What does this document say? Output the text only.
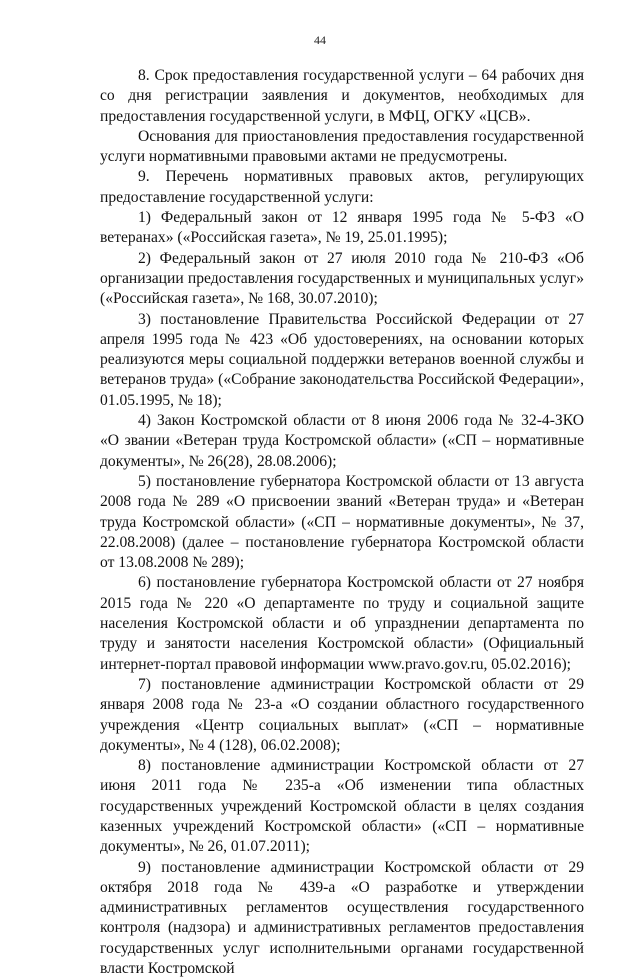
44

8. Срок предоставления государственной услуги – 64 рабочих дня со дня регистрации заявления и документов, необходимых для предоставления государственной услуги, в МФЦ, ОГКУ «ЦСВ».

Основания для приостановления предоставления государственной услуги нормативными правовыми актами не предусмотрены.

9. Перечень нормативных правовых актов, регулирующих предоставление государственной услуги:

1) Федеральный закон от 12 января 1995 года № 5-ФЗ «О ветеранах» («Российская газета», № 19, 25.01.1995);

2) Федеральный закон от 27 июля 2010 года № 210-ФЗ «Об организации предоставления государственных и муниципальных услуг» («Российская газета», № 168, 30.07.2010);

3) постановление Правительства Российской Федерации от 27 апреля 1995 года № 423 «Об удостоверениях, на основании которых реализуются меры социальной поддержки ветеранов военной службы и ветеранов труда» («Собрание законодательства Российской Федерации», 01.05.1995, № 18);

4) Закон Костромской области от 8 июня 2006 года № 32-4-ЗКО «О звании «Ветеран труда Костромской области» («СП – нормативные документы», № 26(28), 28.08.2006);

5) постановление губернатора Костромской области от 13 августа 2008 года № 289 «О присвоении званий «Ветеран труда» и «Ветеран труда Костромской области» («СП – нормативные документы», № 37, 22.08.2008) (далее – постановление губернатора Костромской области от 13.08.2008 № 289);

6) постановление губернатора Костромской области от 27 ноября 2015 года № 220 «О департаменте по труду и социальной защите населения Костромской области и об упразднении департамента по труду и занятости населения Костромской области» (Официальный интернет-портал правовой информации www.pravo.gov.ru, 05.02.2016);

7) постановление администрации Костромской области от 29 января 2008 года № 23-а «О создании областного государственного учреждения «Центр социальных выплат» («СП – нормативные документы», № 4 (128), 06.02.2008);

8) постановление администрации Костромской области от 27 июня 2011 года № 235-а «Об изменении типа областных государственных учреждений Костромской области в целях создания казенных учреждений Костромской области» («СП – нормативные документы», № 26, 01.07.2011);

9) постановление администрации Костромской области от 29 октября 2018 года № 439-а «О разработке и утверждении административных регламентов осуществления государственного контроля (надзора) и административных регламентов предоставления государственных услуг исполнительными органами государственной власти Костромской
